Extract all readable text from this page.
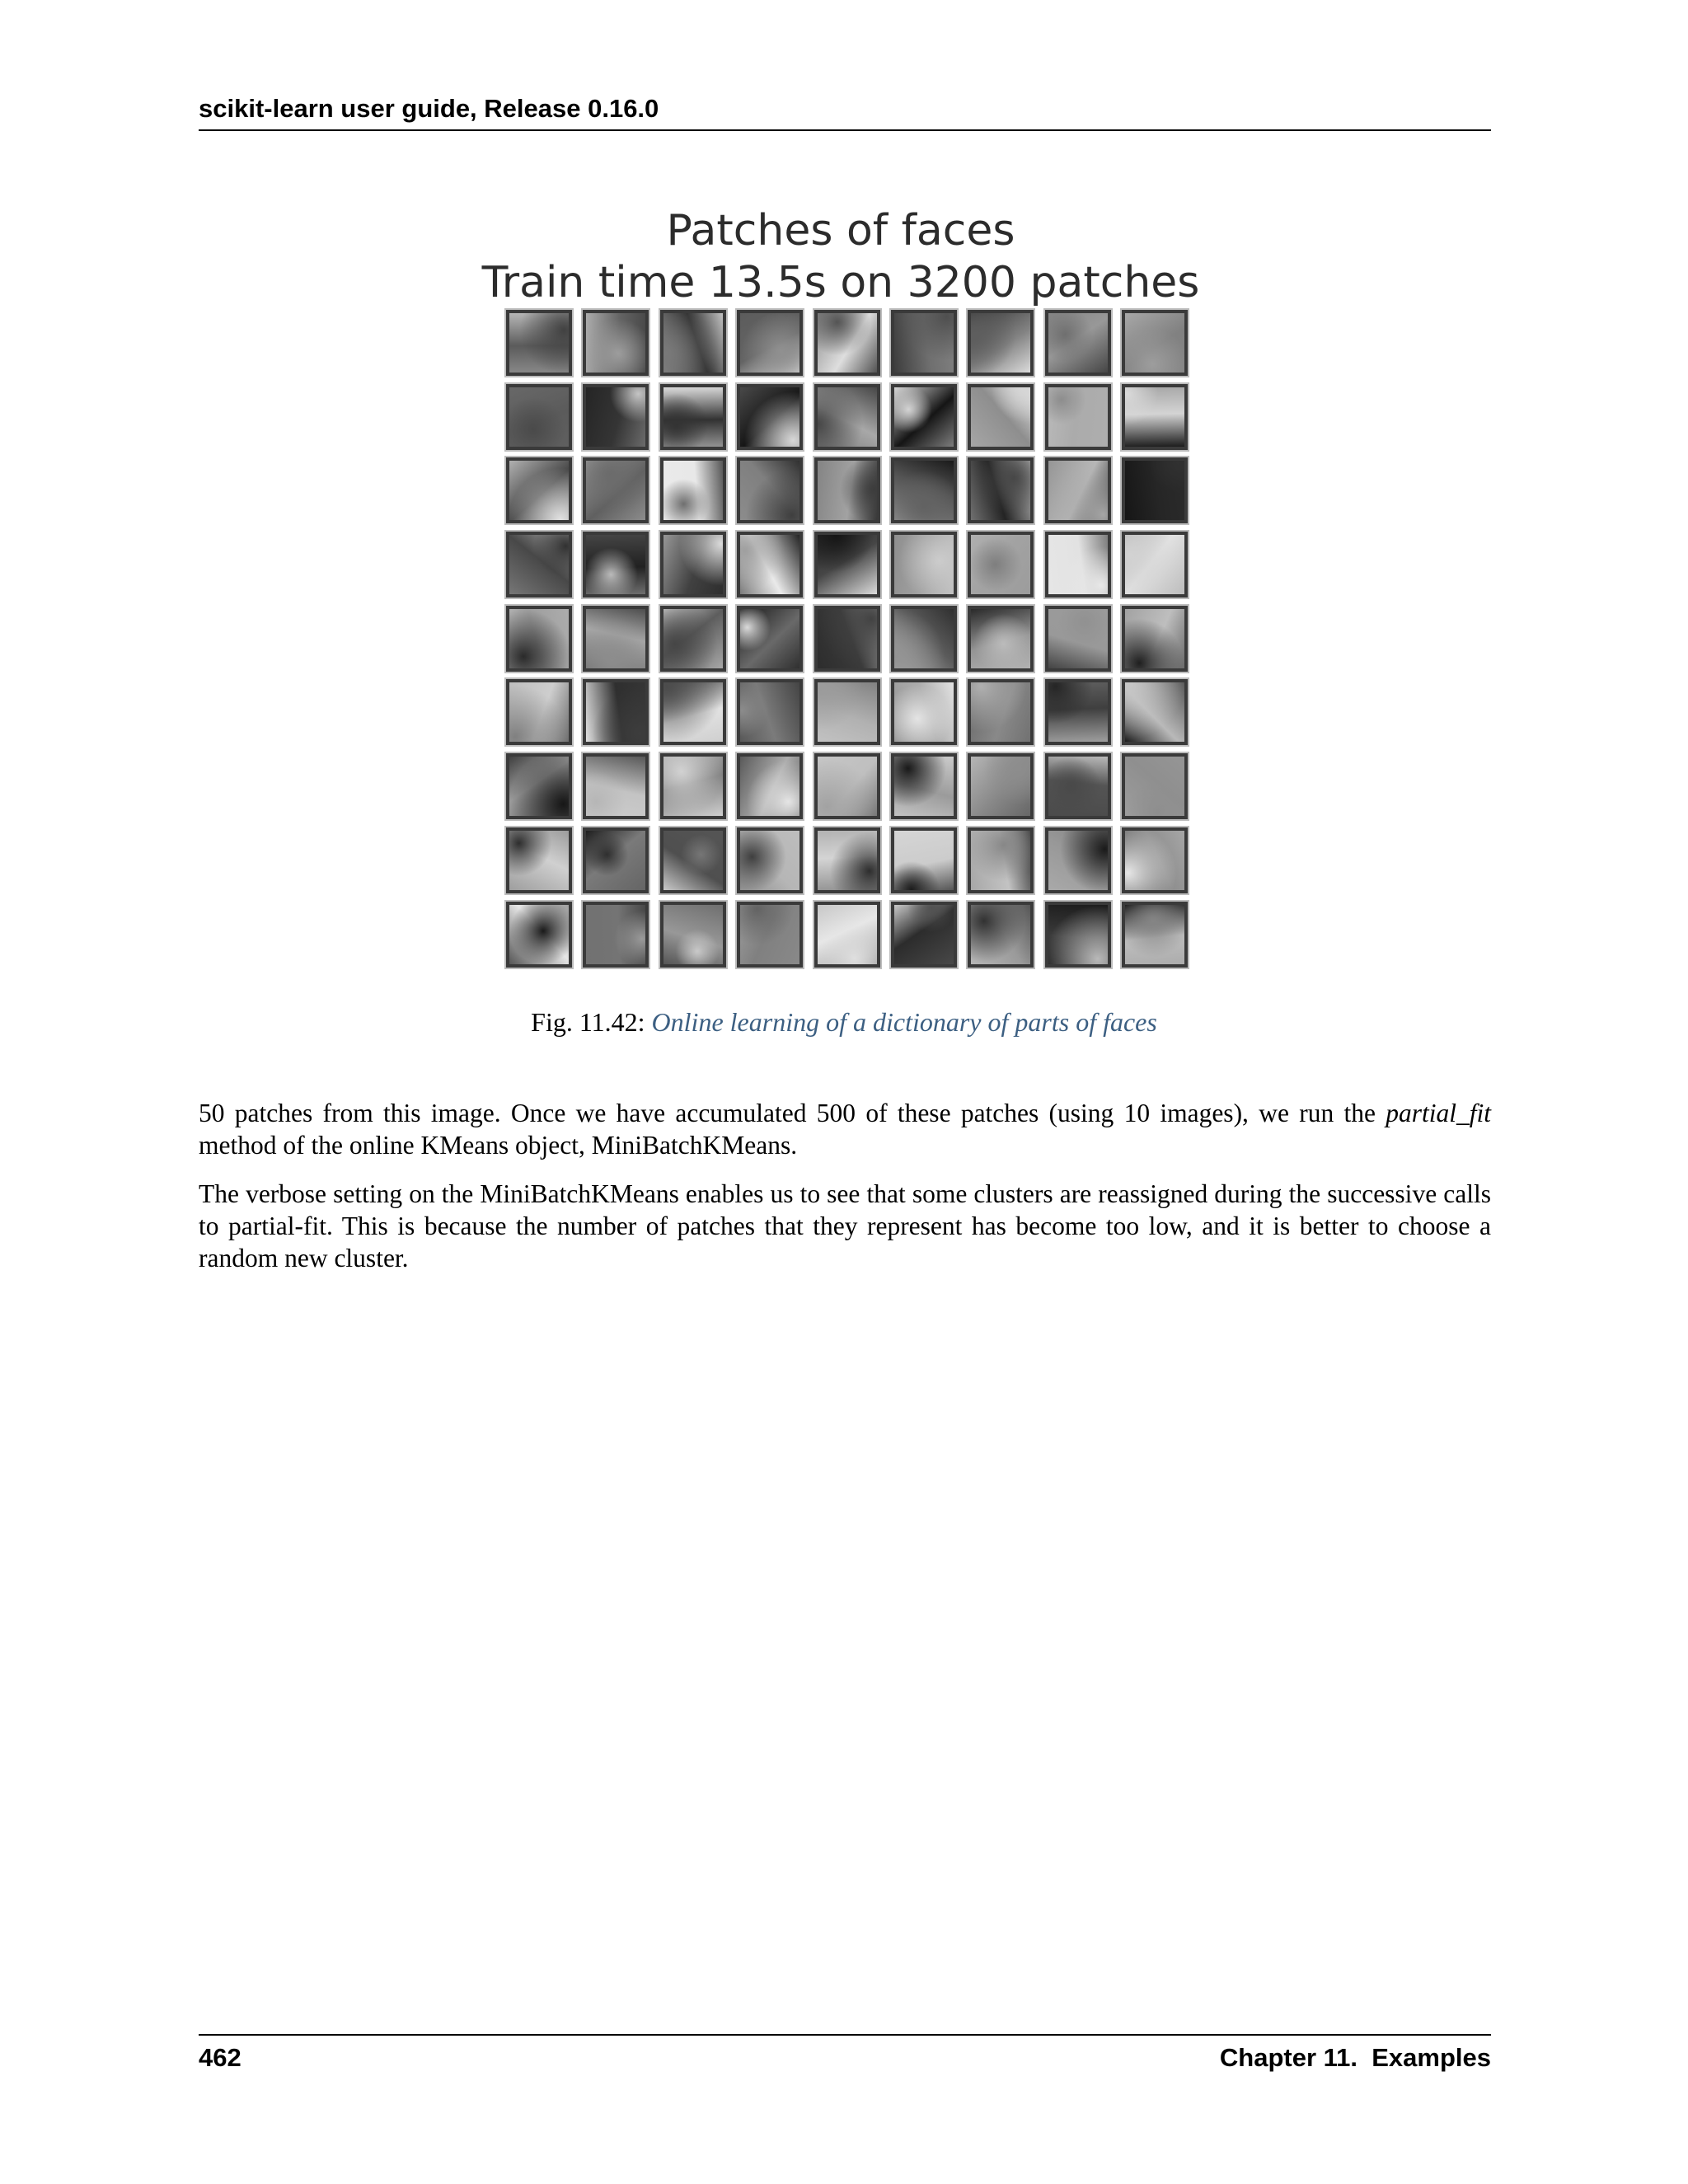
scikit-learn user guide, Release 0.16.0
Patches of faces
Train time 13.5s on 3200 patches
Fig. 11.42: Online learning of a dictionary of parts of faces
50 patches from this image. Once we have accumulated 500 of these patches (using 10 images), we run the partial_fit method of the online KMeans object, MiniBatchKMeans.
The verbose setting on the MiniBatchKMeans enables us to see that some clusters are reassigned during the successive calls to partial-fit. This is because the number of patches that they represent has become too low, and it is better to choose a random new cluster.
462	Chapter 11.  Examples
